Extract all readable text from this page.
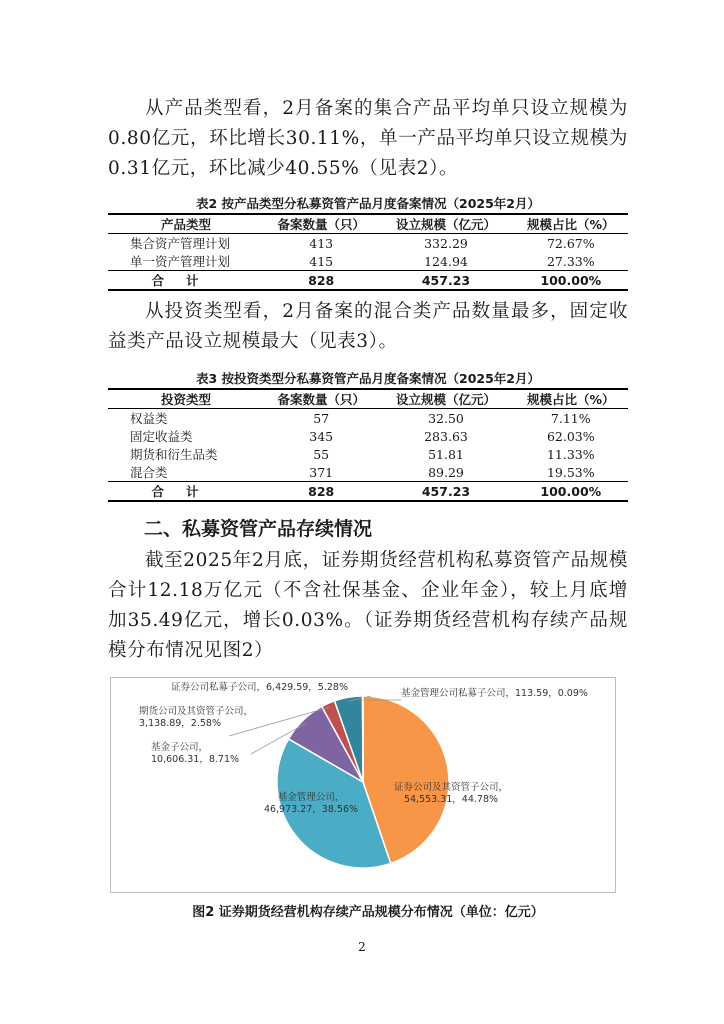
从产品类型看，2月备案的集合产品平均单只设立规模为0.80亿元，环比增长30.11%，单一产品平均单只设立规模为0.31亿元，环比减少40.55%（见表2）。

表2 按产品类型分私募资管产品月度备案情况（2025年2月）
产品类型	备案数量（只）	设立规模（亿元）	规模占比（%）
集合资产管理计划	413	332.29	72.67%
单一资产管理计划	415	124.94	27.33%
合计	828	457.23	100.00%

从投资类型看，2月备案的混合类产品数量最多，固定收益类产品设立规模最大（见表3）。

表3 按投资类型分私募资管产品月度备案情况（2025年2月）
投资类型	备案数量（只）	设立规模（亿元）	规模占比（%）
权益类	57	32.50	7.11%
固定收益类	345	283.63	62.03%
期货和衍生品类	55	51.81	11.33%
混合类	371	89.29	19.53%
合计	828	457.23	100.00%
二、私募资管产品存续情况

截至2025年2月底，证券期货经营机构私募资管产品规模合计12.18万亿元（不含社保基金、企业年金），较上月底增加35.49亿元，增长0.03%。（证券期货经营机构存续产品规模分布情况见图2）

证券公司及其资管子公司， 54,553.31，44.78%
基金管理公司， 46,973.27，38.56%
基金子公司， 10,606.31，8.71%
期货公司及其资管子公司， 3,138.89，2.58%
证券公司私募子公司，6,429.59，5.28%
基金管理公司私募子公司，113.59，0.09%
图2 证券期货经营机构存续产品规模分布情况（单位：亿元）
2
